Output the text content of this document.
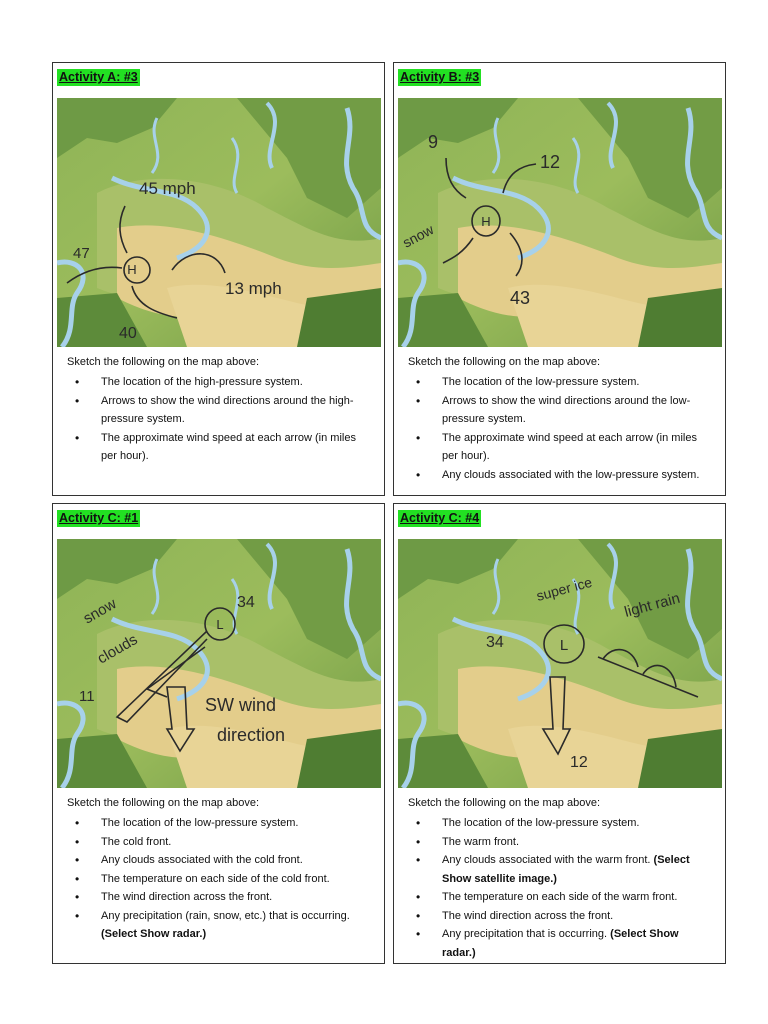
Activity A: #3
H
45 mph
47
13 mph
40
Sketch the following on the map above:
• The location of the high-pressure system.
• Arrows to show the wind directions around the high-pressure system.
• The approximate wind speed at each arrow (in miles per hour).
Activity B: #3
H
9
12
snow
43
Sketch the following on the map above:
• The location of the low-pressure system.
• Arrows to show the wind directions around the low-pressure system.
• The approximate wind speed at each arrow (in miles per hour).
• Any clouds associated with the low-pressure system.
Activity C: #1
L
snow
clouds
34
11	SW wind
direction
Sketch the following on the map above:
• The location of the low-pressure system.
• The cold front.
• Any clouds associated with the cold front.
• The temperature on each side of the cold front.
• The wind direction across the front.
• Any precipitation (rain, snow, etc.) that is occurring. (Select Show radar.)
Activity C: #4
L
super ice
light rain
34
12
Sketch the following on the map above:
• The location of the low-pressure system.
• The warm front.
• Any clouds associated with the warm front. (Select Show satellite image.)
• The temperature on each side of the warm front.
• The wind direction across the front.
• Any precipitation that is occurring. (Select Show radar.)
